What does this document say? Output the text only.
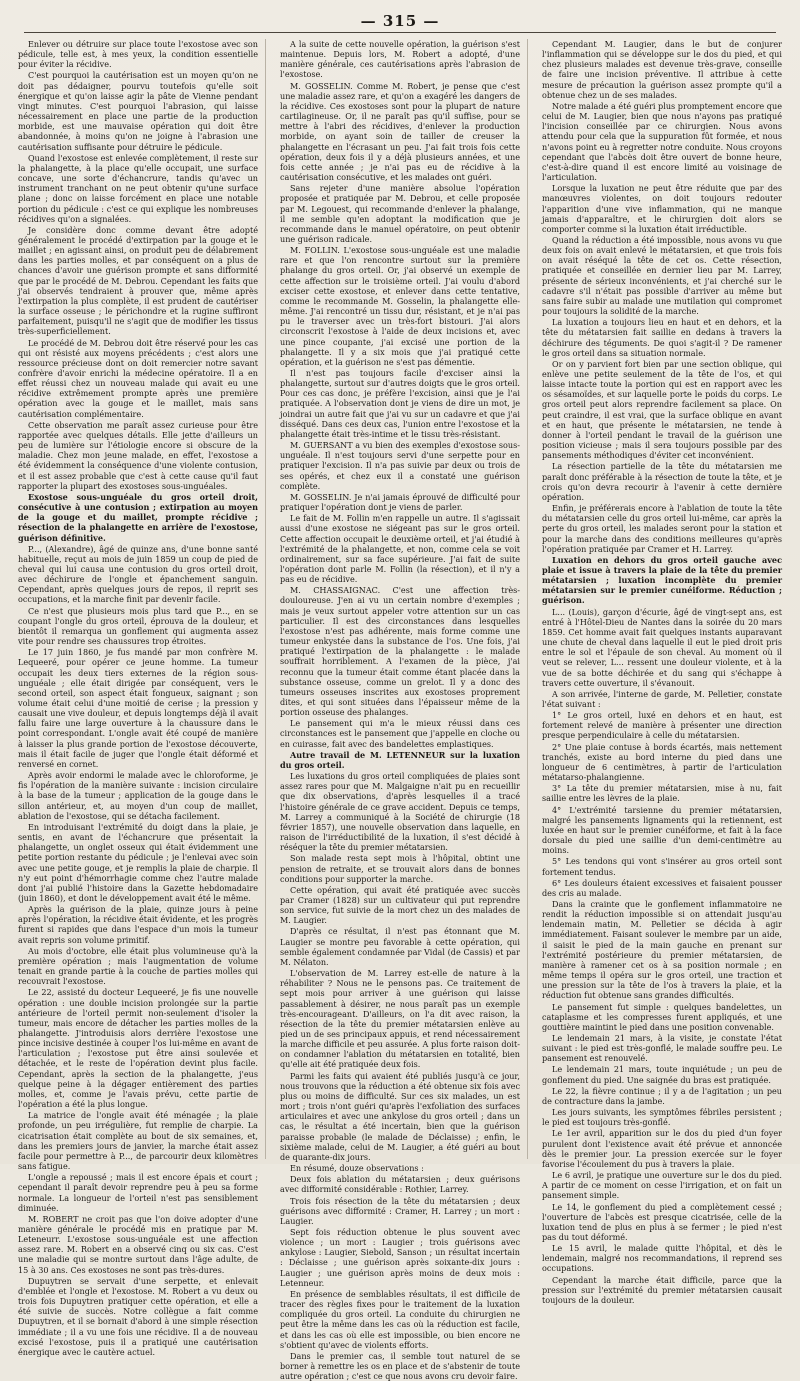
— 315 —

Enlever ou détruire sur place toute l'exostose avec son pédicule, telle est, à mes yeux, la condition essentielle pour éviter la récidive.

C'est pourquoi la cautérisation est un moyen qu'on ne doit pas dédaigner, pourvu toutefois qu'elle soit énergique et qu'on laisse agir la pâte de Vienne pendant vingt minutes. C'est pourquoi l'abrasion, qui laisse nécessairement en place une partie de la production morbide, est une mauvaise opération qui doit être abandonnée, à moins qu'on ne joigne à l'abrasion une cautérisation suffisante pour détruire le pédicule.

Quand l'exostose est enlevée complètement, il reste sur la phalangette, à la place qu'elle occupait, une surface concave, une sorte d'échancrure, tandis qu'avec un instrument tranchant on ne peut obtenir qu'une surface plane ; donc on laisse forcément en place une notable portion du pédicule : c'est ce qui explique les nombreuses récidives qu'on a signalées.

Je considère donc comme devant être adopté généralement le procédé d'extirpation par la gouge et le maillet ; en agissant ainsi, on produit peu de délabrement dans les parties molles, et par conséquent on a plus de chances d'avoir une guérison prompte et sans difformité que par le procédé de M. Debrou. Cependant les faits que j'ai observés tendraient à prouver que, même après l'extirpation la plus complète, il est prudent de cautériser la surface osseuse ; le périchondre et la rugine suffiront parfaitement, puisqu'il ne s'agit que de modifier les tissus très-superficiellement.

Le procédé de M. Debrou doit être réservé pour les cas qui ont résisté aux moyens précédents ; c'est alors une ressource précieuse dont on doit remercier notre savant confrère d'avoir enrichi la médecine opératoire. Il a en effet réussi chez un nouveau malade qui avait eu une récidive extrêmement prompte après une première opération avec la gouge et le maillet, mais sans cautérisation complémentaire.

Cette observation me paraît assez curieuse pour être rapportée avec quelques détails. Elle jette d'ailleurs un peu de lumière sur l'étiologie encore si obscure de la maladie. Chez mon jeune malade, en effet, l'exostose a été évidemment la conséquence d'une violente contusion, et il est assez probable que c'est à cette cause qu'il faut rapporter la plupart des exostoses sous-unguéales.

Exostose sous-unguéale du gros orteil droit, consécutive à une contusion ; extirpation au moyen de la gouge et du maillet, prompte récidive ; résection de la phalangette en arrière de l'exostose, guérison définitive.

P..., (Alexandre), âgé de quinze ans, d'une bonne santé habituelle, reçut au mois de juin 1859 un coup de pied de cheval qui lui causa une contusion du gros orteil droit, avec déchirure de l'ongle et épanchement sanguin. Cependant, après quelques jours de repos, il reprit ses occupations, et la marche finit par devenir facile.

Ce n'est que plusieurs mois plus tard que P..., en se coupant l'ongle du gros orteil, éprouva de la douleur, et bientôt il remarqua un gonflement qui augmenta assez vite pour rendre ses chaussures trop étroites.

Le 17 juin 1860, je fus mandé par mon confrère M. Lequeeré, pour opérer ce jeune homme. La tumeur occupait les deux tiers externes de la région sous-unguéale ; elle était dirigée par conséquent, vers le second orteil, son aspect était fongueux, saignant ; son volume était celui d'une moitié de cerise ; la pression y causait une vive douleur, et depuis longtemps déjà il avait fallu faire une large ouverture à la chaussure dans le point correspondant. L'ongle avait été coupé de manière à laisser la plus grande portion de l'exostose découverte, mais il était facile de juger que l'ongle était déformé et renversé en cornet.

Après avoir endormi le malade avec le chloroforme, je fis l'opération de la manière suivante : incision circulaire à la base de la tumeur ; application de la gouge dans le sillon antérieur, et, au moyen d'un coup de maillet, ablation de l'exostose, qui se détacha facilement.

En introduisant l'extrémité du doigt dans la plaie, je sentis, en avant de l'échancrure que présentait la phalangette, un onglet osseux qui était évidemment une petite portion restante du pédicule ; je l'enlevai avec soin avec une petite gouge, et je remplis la plaie de charpie. Il n'y eut point d'hémorrhagie comme chez l'autre malade dont j'ai publié l'histoire dans la Gazette hebdomadaire (juin 1860), et dont le développement avait été le même.

Après la guérison de la plaie, quinze jours à peine après l'opération, la récidive était évidente, et les progrès furent si rapides que dans l'espace d'un mois la tumeur avait repris son volume primitif.

Au mois d'octobre, elle était plus volumineuse qu'à la première opération ; mais l'augmentation de volume tenait en grande partie à la couche de parties molles qui recouvrait l'exostose.

Le 22, assisté du docteur Lequeeré, je fis une nouvelle opération : une double incision prolongée sur la partie antérieure de l'orteil permit non-seulement d'isoler la tumeur, mais encore de détacher les parties molles de la phalangette. J'introduisis alors derrière l'exostose une pince incisive destinée à couper l'os lui-même en avant de l'articulation ; l'exostose put être ainsi soulevée et détachée, et le reste de l'opération devint plus facile. Cependant, après la section de la phalangette, j'eus quelque peine à la dégager entièrement des parties molles, et, comme je l'avais prévu, cette partie de l'opération a été la plus longue.

La matrice de l'ongle avait été ménagée ; la plaie profonde, un peu irrégulière, fut remplie de charpie. La cicatrisation était complète au bout de six semaines, et, dans les premiers jours de janvier, la marche était assez facile pour permettre à P..., de parcourir deux kilomètres sans fatigue.

L'ongle a repoussé ; mais il est encore épais et court ; cependant il paraît devoir reprendre peu à peu sa forme normale. La longueur de l'orteil n'est pas sensiblement diminuée.

M. ROBERT ne croit pas que l'on doive adopter d'une manière générale le procédé mis en pratique par M. Leteneurr. L'exostose sous-unguéale est une affection assez rare. M. Robert en a observé cinq ou six cas. C'est une maladie qui se montre surtout dans l'âge adulte, de 15 à 30 ans. Ces exostoses ne sont pas très-dures.

Dupuytren se servait d'une serpette, et enlevait d'emblée et l'ongle et l'exostose. M. Robert a vu deux ou trois fois Dupuytren pratiquer cette opération, et elle a été suivie de succès. Notre collègue a fait comme Dupuytren, et il se bornait d'abord à une simple résection immédiate ; il a vu une fois une récidive. Il a de nouveau excisé l'exostose, puis il a pratiqué une cautérisation énergique avec le cautère actuel.

A la suite de cette nouvelle opération, la guérison s'est maintenue. Depuis lors, M. Robert a adopté, d'une manière générale, ces cautérisations après l'abrasion de l'exostose.

M. GOSSELIN. Comme M. Robert, je pense que c'est une maladie assez rare, et qu'on a exagéré les dangers de la récidive. Ces exostoses sont pour la plupart de nature cartilagineuse. Or, il ne paraît pas qu'il suffise, pour se mettre à l'abri des récidives, d'enlever la production morbide, on ayant soin de tailler de creuser la phalangette en l'écrasant un peu. J'ai fait trois fois cette opération, deux fois il y a déjà plusieurs années, et une fois cette année ; je n'ai pas eu de récidive à la cautérisation consécutive, et les malades ont guéri.

Sans rejeter d'une manière absolue l'opération proposée et pratiquée par M. Debrou, et celle proposée par M. Legouest, qui recommande d'enlever la phalange, il me semble qu'en adoptant la modification que je recommande dans le manuel opératoire, on peut obtenir une guérison radicale.

M. FOLLIN. L'exostose sous-unguéale est une maladie rare et que l'on rencontre surtout sur la première phalange du gros orteil. Or, j'ai observé un exemple de cette affection sur le troisième orteil. J'ai voulu d'abord exciser cette exostose, et enlever dans cette tentative, comme le recommande M. Gosselin, la phalangette elle-même. J'ai rencontré un tissu dur, résistant, et je n'ai pas pu le traverser avec un très-fort bistouri. J'ai alors circonscrit l'exostose à l'aide de deux incisions et, avec une pince coupante, j'ai excisé une portion de la phalangette. Il y a six mois que j'ai pratiqué cette opération, et la guérison ne s'est pas démentie.

Il n'est pas toujours facile d'exciser ainsi la phalangette, surtout sur d'autres doigts que le gros orteil. Pour ces cas donc, je préfère l'excision, ainsi que je l'ai pratiquée. A l'observation dont je viens de dire un mot, je joindrai un autre fait que j'ai vu sur un cadavre et que j'ai disséqué. Dans ces deux cas, l'union entre l'exostose et la phalangette était très-intime et le tissu très-résistant.

M. GUERSANT a vu bien des exemples d'exostose sous-unguéale. Il n'est toujours servi d'une serpette pour en pratiquer l'excision. Il n'a pas suivie par deux ou trois de ses opérés, et chez eux il a constaté une guérison complète.

M. GOSSELIN. Je n'ai jamais éprouvé de difficulté pour pratiquer l'opération dont je viens de parler.

Le fait de M. Follin m'en rappelle un autre. Il s'agissait aussi d'une exostose ne siégeant pas sur le gros orteil. Cette affection occupait le deuxième orteil, et j'ai étudié à l'extrémité de la phalangette, et non, comme cela se voit ordinairement, sur sa face supérieure. J'ai fait de suite l'opération dont parle M. Follin (la résection), et il n'y a pas eu de récidive.

M. CHASSAIGNAC. C'est une affection très-douloureuse. J'en ai vu un certain nombre d'exemples ; mais je veux surtout appeler votre attention sur un cas particulier. Il est des circonstances dans lesquelles l'exostose n'est pas adhérente, mais forme comme une tumeur enkystée dans la substance de l'os. Une fois, j'ai pratiqué l'extirpation de la phalangette : le malade souffrait horriblement. A l'examen de la pièce, j'ai reconnu que la tumeur était comme étant placée dans la substance osseuse, comme un grelot. Il y a donc des tumeurs osseuses inscrites aux exostoses proprement dites, et qui sont situées dans l'épaisseur même de la portion osseuse des phalanges.

Le pansement qui m'a le mieux réussi dans ces circonstances est le pansement que j'appelle en cloche ou en cuirasse, fait avec des bandelettes emplastiques.

Autre travail de M. LETENNEUR sur la luxation du gros orteil.

Les luxations du gros orteil compliquées de plaies sont assez rares pour que M. Malgaigne n'ait pu en recueillir que dix observations, d'après lesquelles il a tracé l'histoire générale de ce grave accident. Depuis ce temps, M. Larrey a communiqué à la Société de chirurgie (18 février 1857), une nouvelle observation dans laquelle, en raison de l'irréductibilité de la luxation, il s'est décidé à réséquer la tête du premier métatarsien.

Son malade resta sept mois à l'hôpital, obtint une pension de retraite, et se trouvait alors dans de bonnes conditions pour supporter la marche.

Cette opération, qui avait été pratiquée avec succès par Cramer (1828) sur un cultivateur qui put reprendre son service, fut suivie de la mort chez un des malades de M. Laugier.

D'après ce résultat, il n'est pas étonnant que M. Laugier se montre peu favorable à cette opération, qui semble également condamnée par Vidal (de Cassis) et par M. Nélaton.

L'observation de M. Larrey est-elle de nature à la réhabiliter ? Nous ne le pensons pas. Ce traitement de sept mois pour arriver à une guérison qui laisse passablement à désirer, ne nous paraît pas un exemple très-encourageant. D'ailleurs, on l'a dit avec raison, la résection de la tête du premier métatarsien enlève au pied un de ses principaux appuis, et rend nécessairement la marche difficile et peu assurée. A plus forte raison doit-on condamner l'ablation du métatarsien en totalité, bien qu'elle ait été pratiquée deux fois.

Parmi les faits qui avaient été publiés jusqu'à ce jour, nous trouvons que la réduction a été obtenue six fois avec plus ou moins de difficulté. Sur ces six malades, un est mort ; trois n'ont guéri qu'après l'exfoliation des surfaces articulaires et avec une ankylose du gros orteil ; dans un cas, le résultat a été incertain, bien que la guérison paraisse probable (le malade de Déclaisse) ; enfin, le sixième malade, celui de M. Laugier, a été guéri au bout de quarante-dix jours.

En résumé, douze observations :

Deux fois ablation du métatarsien ; deux guérisons avec difformité considérable : Rothier, Larrey.

Trois fois résection de la tête du métatarsien ; deux guérisons avec difformité : Cramer, H. Larrey ; un mort : Laugier.

Sept fois réduction obtenue le plus souvent avec violence ; un mort : Laugier ; trois guérisons avec ankylose : Laugier, Siebold, Sanson ; un résultat incertain : Déclaisse ; une guérison après soixante-dix jours : Laugier ; une guérison après moins de deux mois : Letenneur.

En présence de semblables résultats, il est difficile de tracer des règles fixes pour le traitement de la luxation compliquée du gros orteil. La conduite du chirurgien ne peut être la même dans les cas où la réduction est facile, et dans les cas où elle est impossible, ou bien encore ne s'obtient qu'avec de violents efforts.

Dans le premier cas, il semble tout naturel de se borner à remettre les os en place et de s'abstenir de toute autre opération ; c'est ce que nous avons cru devoir faire.

Cependant M. Laugier, dans le but de conjurer l'inflammation qui se développe sur le dos du pied, et qui chez plusieurs malades est devenue très-grave, conseille de faire une incision préventive. Il attribue à cette mesure de précaution la guérison assez prompte qu'il a obtenue chez un de ses malades.

Notre malade a été guéri plus promptement encore que celui de M. Laugier, bien que nous n'ayons pas pratiqué l'incision conseillée par ce chirurgien. Nous avons attendu pour cela que la suppuration fût formée, et nous n'avons point eu à regretter notre conduite. Nous croyons cependant que l'abcès doit être ouvert de bonne heure, c'est-à-dire quand il est encore limité au voisinage de l'articulation.

Lorsque la luxation ne peut être réduite que par des manœuvres violentes, on doit toujours redouter l'apparition d'une vive inflammation, qui ne manque jamais d'apparaître, et le chirurgien doit alors se comporter comme si la luxation était irréductible.

Quand la réduction a été impossible, nous avons vu que deux fois on avait enlevé le métatarsien, et que trois fois on avait réséqué la tête de cet os. Cette résection, pratiquée et conseillée en dernier lieu par M. Larrey, présente de sérieux inconvénients, et j'ai cherché sur le cadavre s'il n'était pas possible d'arriver au même but sans faire subir au malade une mutilation qui compromet pour toujours la solidité de la marche.

La luxation a toujours lieu en haut et en dehors, et la tête du métatarsien fait saillie en dedans à travers la déchirure des téguments. De quoi s'agit-il ? De ramener le gros orteil dans sa situation normale.

Or on y parvient fort bien par une section oblique, qui enlève une petite seulement de la tête de l'os, et qui laisse intacte toute la portion qui est en rapport avec les os sésamoïdes, et sur laquelle porte le poids du corps. Le gros orteil peut alors reprendre facilement sa place. On peut craindre, il est vrai, que la surface oblique en avant et en haut, que présente le métatarsien, ne tende à donner à l'orteil pendant le travail de la guérison une position vicieuse ; mais il sera toujours possible par des pansements méthodiques d'éviter cet inconvénient.

La résection partielle de la tête du métatarsien me paraît donc préférable à la résection de toute la tête, et je crois qu'on devra recourir à l'avenir à cette dernière opération.

Enfin, je préférerais encore à l'ablation de toute la tête du métatarsien celle du gros orteil lui-même, car après la perte du gros orteil, les malades seront pour la station et pour la marche dans des conditions meilleures qu'après l'opération pratiquée par Cramer et H. Larrey.

Luxation en dehors du gros orteil gauche avec plaie et issue à travers la plaie de la tête du premier métatarsien ; luxation incomplète du premier métatarsien sur le premier cunéiforme. Réduction ; guérison.

L... (Louis), garçon d'écurie, âgé de vingt-sept ans, est entré à l'Hôtel-Dieu de Nantes dans la soirée du 20 mars 1859. Cet homme avait fait quelques instants auparavant une chute de cheval dans laquelle il eut le pied droit pris entre le sol et l'épaule de son cheval. Au moment où il veut se relever, L... ressent une douleur violente, et à la vue de sa botte déchirée et du sang qui s'échappe à travers cette ouverture, il s'évanouit.

A son arrivée, l'interne de garde, M. Pelletier, constate l'état suivant :

1° Le gros orteil, luxé en dehors et en haut, est fortement relevé de manière à présenter une direction presque perpendiculaire à celle du métatarsien.

2° Une plaie contuse à bords écartés, mais nettement tranchés, existe au bord interne du pied dans une longueur de 6 centimètres, à partir de l'articulation métatarso-phalangienne.

3° La tête du premier métatarsien, mise à nu, fait saillie entre les lèvres de la plaie.

4° L'extrémité tarsienne du premier métatarsien, malgré les pansements lignaments qui la retiennent, est luxée en haut sur le premier cunéiforme, et fait à la face dorsale du pied une saillie d'un demi-centimètre au moins.

5° Les tendons qui vont s'insérer au gros orteil sont fortement tendus.

6° Les douleurs étaient excessives et faisaient pousser des cris au malade.

Dans la crainte que le gonflement inflammatoire ne rendit la réduction impossible si on attendait jusqu'au lendemain matin, M. Pelletier se décida à agir immédiatement. Faisant soulever le membre par un aide, il saisit le pied de la main gauche en prenant sur l'extrémité postérieure du premier métatarsien, de manière à ramener cet os à sa position normale ; en même temps il opéra sur le gros orteil, une traction et une pression sur la tête de l'os à travers la plaie, et la réduction fut obtenue sans grandes difficultés.

Le pansement fut simple : quelques bandelettes, un cataplasme et les compresses furent appliqués, et une gouttière maintint le pied dans une position convenable.

Le lendemain 21 mars, à la visite, je constate l'état suivant : le pied est très-gonflé, le malade souffre peu. Le pansement est renouvelé.

Le lendemain 21 mars, toute inquiétude ; un peu de gonflement du pied. Une saignée du bras est pratiquée.

Le 22, la fièvre continue ; il y a de l'agitation ; un peu de contracture dans la jambe.

Les jours suivants, les symptômes fébriles persistent ; le pied est toujours très-gonflé.

Le 1er avril, apparition sur le dos du pied d'un foyer purulent dont l'existence avait été prévue et annoncée dès le premier jour. La pression exercée sur le foyer favorise l'écoulement du pus à travers la plaie.

Le 6 avril, je pratique une ouverture sur le dos du pied. A partir de ce moment on cesse l'irrigation, et on fait un pansement simple.

Le 14, le gonflement du pied a complètement cessé ; l'ouverture de l'abcès est presque cicatrisée, celle de la luxation tend de plus en plus à se fermer ; le pied n'est pas du tout déformé.

Le 15 avril, le malade quitte l'hôpital, et dès le lendemain, malgré nos recommandations, il reprend ses occupations.

Cependant la marche était difficile, parce que la pression sur l'extrémité du premier métatarsien causait toujours de la douleur.
